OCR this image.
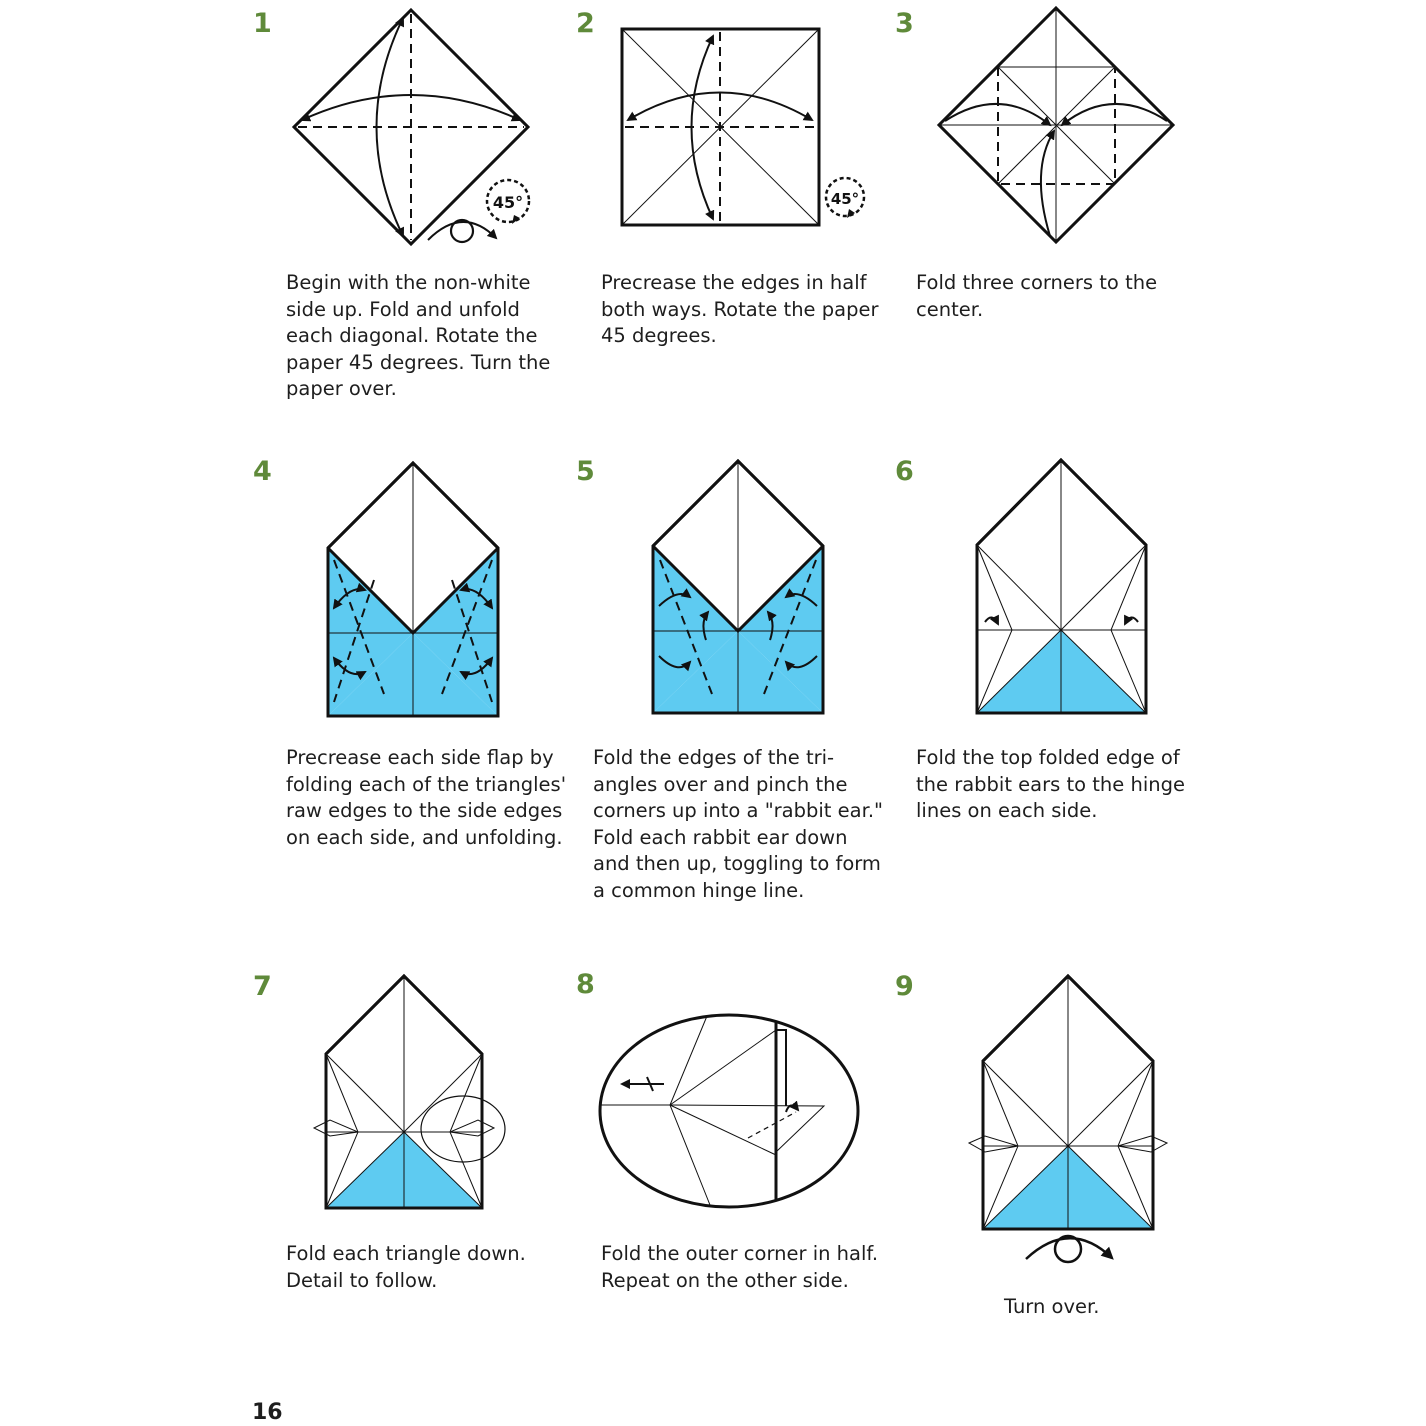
1	2	3
4	5	6
7	8	9
Begin with the non-white
side up. Fold and unfold
each diagonal. Rotate the
paper 45 degrees. Turn the
paper over.
Precrease the edges in half
both ways. Rotate the paper
45 degrees.
Fold three corners to the
center.
Precrease each side flap by
folding each of the triangles'
raw edges to the side edges
on each side, and unfolding.
Fold the edges of the tri-
angles over and pinch the
corners up into a "rabbit ear."
Fold each rabbit ear down
and then up, toggling to form
a common hinge line.
Fold the top folded edge of
the rabbit ears to the hinge
lines on each side.
Fold each triangle down.
Detail to follow.
Fold the outer corner in half.
Repeat on the other side.
Turn over.
16
45°	45°
